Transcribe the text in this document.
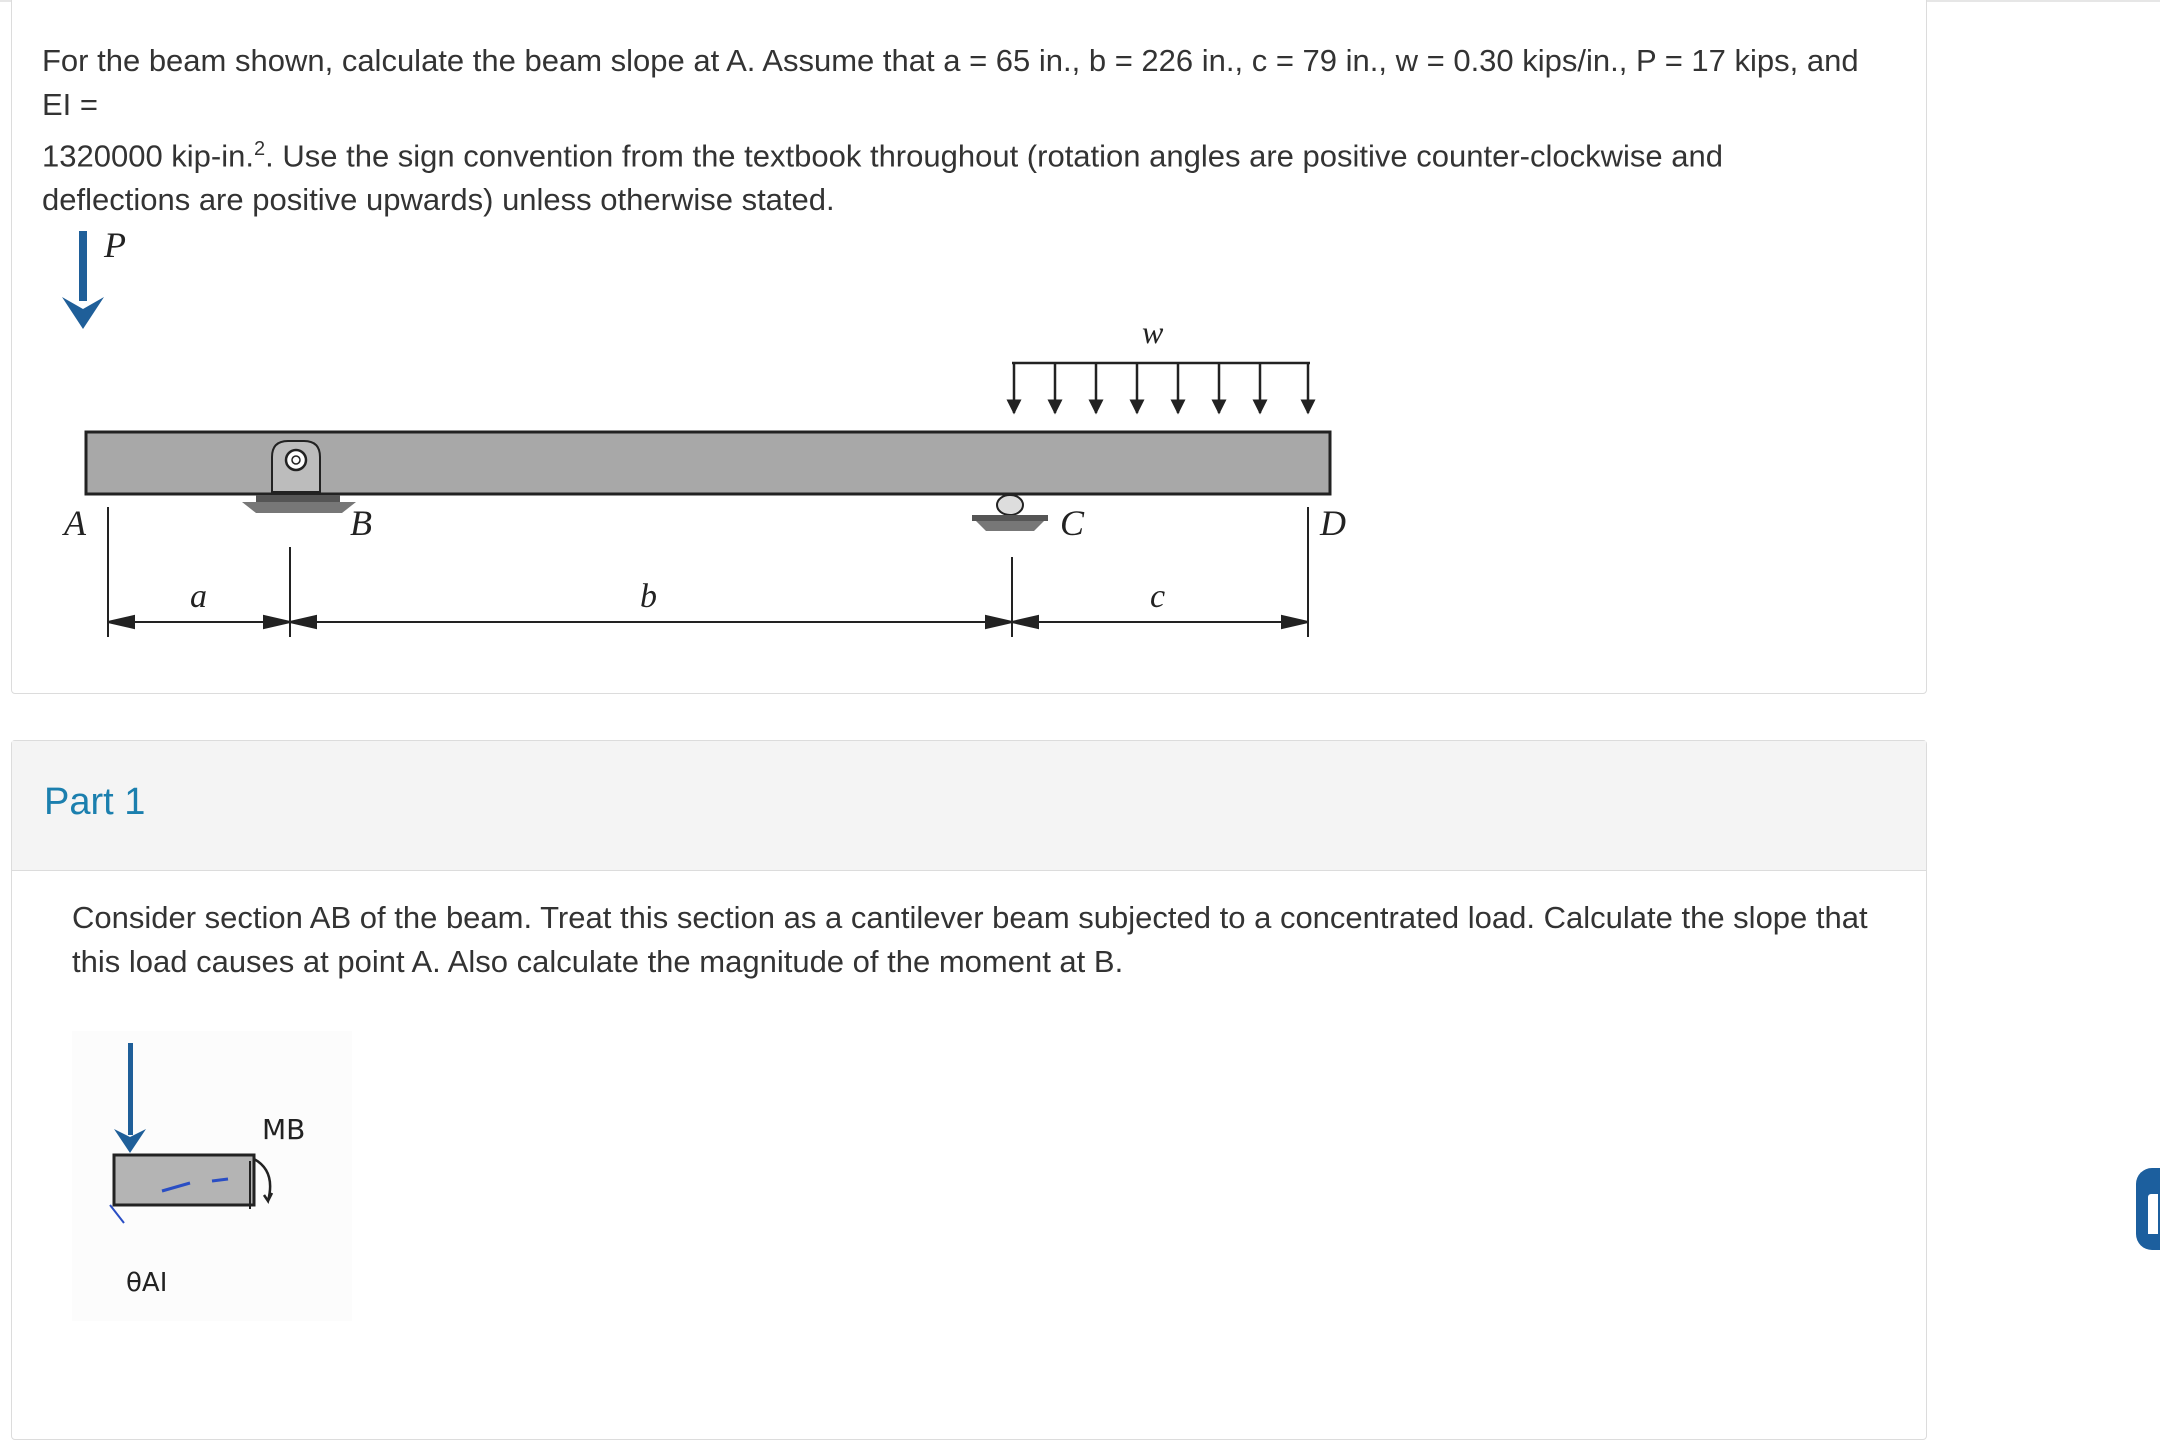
For the beam shown, calculate the beam slope at A. Assume that a = 65 in., b = 226 in., c = 79 in., w = 0.30 kips/in., P = 17 kips, and EI =
1320000 kip-in.$^2$. Use the sign convention from the textbook throughout (rotation angles are positive counter-clockwise and
deflections are positive upwards) unless otherwise stated.

P
w
A	B	C	D
a	b	c
Part 1

Consider section AB of the beam. Treat this section as a cantilever beam subjected to a concentrated load. Calculate the slope that this load causes at point A. Also calculate the magnitude of the moment at B.

MB
θAI
